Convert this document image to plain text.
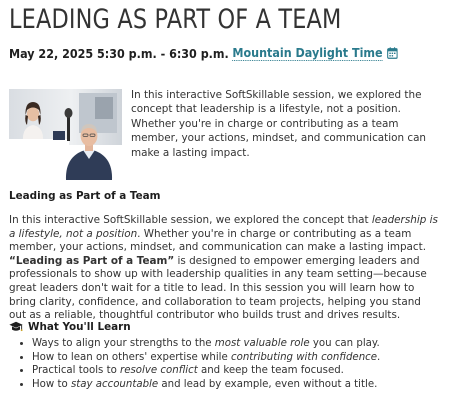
LEADING AS PART OF A TEAM
May 22, 2025 5:30 p.m. - 6:30 p.m. Mountain Daylight Time
In this interactive SoftSkillable session, we explored the concept that leadership is a lifestyle, not a position. Whether you're in charge or contributing as a team member, your actions, mindset, and communication can make a lasting impact.
Leading as Part of a Team

In this interactive SoftSkillable session, we explored the concept that leadership is a lifestyle, not a position. Whether you're in charge or contributing as a team member, your actions, mindset, and communication can make a lasting impact.

“Leading as Part of a Team” is designed to empower emerging leaders and professionals to show up with leadership qualities in any team setting—because great leaders don't wait for a title to lead. In this session you will learn how to bring clarity, confidence, and collaboration to team projects, helping you stand out as a reliable, thoughtful contributor who builds trust and drives results.

What You'll Learn
• Ways to align your strengths to the most valuable role you can play.
• How to lean on others' expertise while contributing with confidence.
• Practical tools to resolve conflict and keep the team focused.
• How to stay accountable and lead by example, even without a title.
